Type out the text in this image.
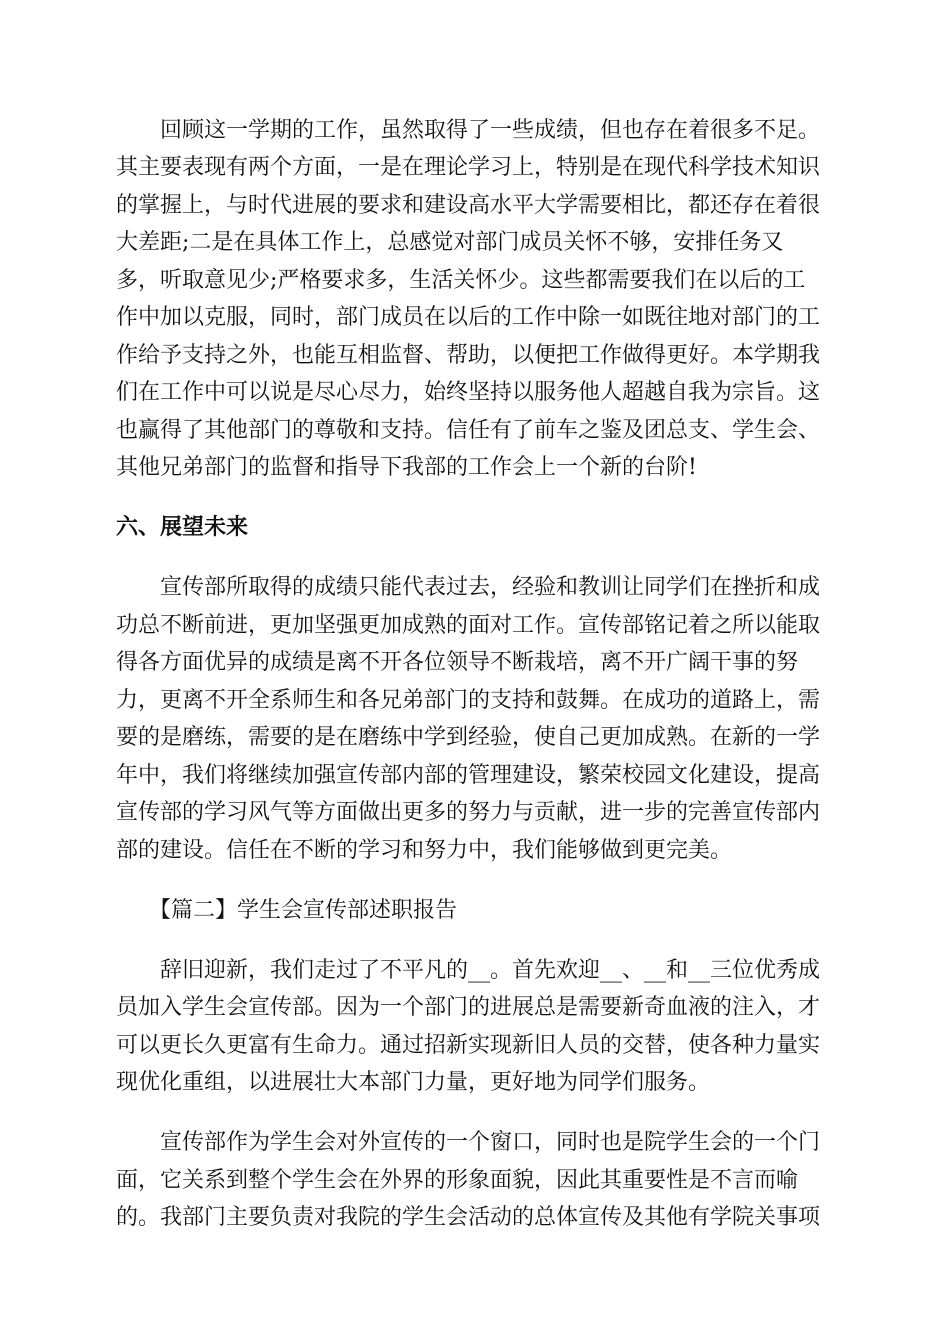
　　回顾这一学期的工作，虽然取得了一些成绩，但也存在着很多不足。
其主要表现有两个方面，一是在理论学习上，特别是在现代科学技术知识
的掌握上，与时代进展的要求和建设高水平大学需要相比，都还存在着很
大差距;二是在具体工作上，总感觉对部门成员关怀不够，安排任务又
多，听取意见少;严格要求多，生活关怀少。这些都需要我们在以后的工
作中加以克服，同时，部门成员在以后的工作中除一如既往地对部门的工
作给予支持之外，也能互相监督、帮助，以便把工作做得更好。本学期我
们在工作中可以说是尽心尽力，始终坚持以服务他人超越自我为宗旨。这
也赢得了其他部门的尊敬和支持。信任有了前车之鉴及团总支、学生会、
其他兄弟部门的监督和指导下我部的工作会上一个新的台阶!
六、展望未来
　　宣传部所取得的成绩只能代表过去，经验和教训让同学们在挫折和成
功总不断前进，更加坚强更加成熟的面对工作。宣传部铭记着之所以能取
得各方面优异的成绩是离不开各位领导不断栽培，离不开广阔干事的努
力，更离不开全系师生和各兄弟部门的支持和鼓舞。在成功的道路上，需
要的是磨练，需要的是在磨练中学到经验，使自己更加成熟。在新的一学
年中，我们将继续加强宣传部内部的管理建设，繁荣校园文化建设，提高
宣传部的学习风气等方面做出更多的努力与贡献，进一步的完善宣传部内
部的建设。信任在不断的学习和努力中，我们能够做到更完美。
　　【篇二】学生会宣传部述职报告
　　辞旧迎新，我们走过了不平凡的__。首先欢迎__、__和__三位优秀成
员加入学生会宣传部。因为一个部门的进展总是需要新奇血液的注入，才
可以更长久更富有生命力。通过招新实现新旧人员的交替，使各种力量实
现优化重组，以进展壮大本部门力量，更好地为同学们服务。
　　宣传部作为学生会对外宣传的一个窗口，同时也是院学生会的一个门
面，它关系到整个学生会在外界的形象面貌，因此其重要性是不言而喻
的。我部门主要负责对我院的学生会活动的总体宣传及其他有学院关事项
